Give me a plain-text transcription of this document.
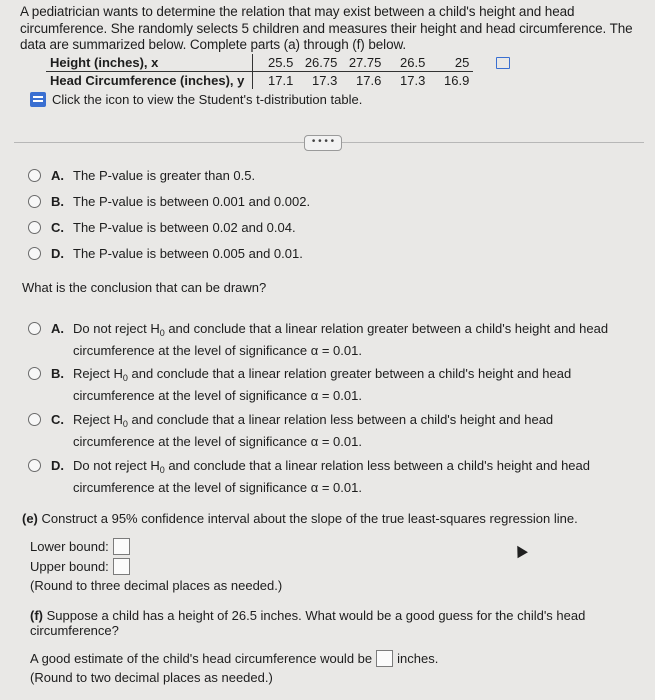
A pediatrician wants to determine the relation that may exist between a child's height and head circumference. She randomly selects 5 children and measures their height and head circumference. The data are summarized below. Complete parts (a) through (f) below.
Height (inches), x	25.5	26.75	27.75	26.5	25
Head Circumference (inches), y	17.1	17.3	17.6	17.3	16.9
Click the icon to view the Student's t-distribution table.
• • • •
A. The P-value is greater than 0.5.
B. The P-value is between 0.001 and 0.002.
C. The P-value is between 0.02 and 0.04.
D. The P-value is between 0.005 and 0.01.
What is the conclusion that can be drawn?
A. Do not reject $H_0$ and conclude that a linear relation greater between a child's height and head circumference at the level of significance α = 0.01.
B. Reject $H_0$ and conclude that a linear relation greater between a child's height and head circumference at the level of significance α = 0.01.
C. Reject $H_0$ and conclude that a linear relation less between a child's height and head circumference at the level of significance α = 0.01.
D. Do not reject $H_0$ and conclude that a linear relation less between a child's height and head circumference at the level of significance α = 0.01.
(e) Construct a 95% confidence interval about the slope of the true least-squares regression line.
Lower bound:
Upper bound:
(Round to three decimal places as needed.)
(f) Suppose a child has a height of 26.5 inches. What would be a good guess for the child's head circumference?
A good estimate of the child's head circumference would be inches.
(Round to two decimal places as needed.)
